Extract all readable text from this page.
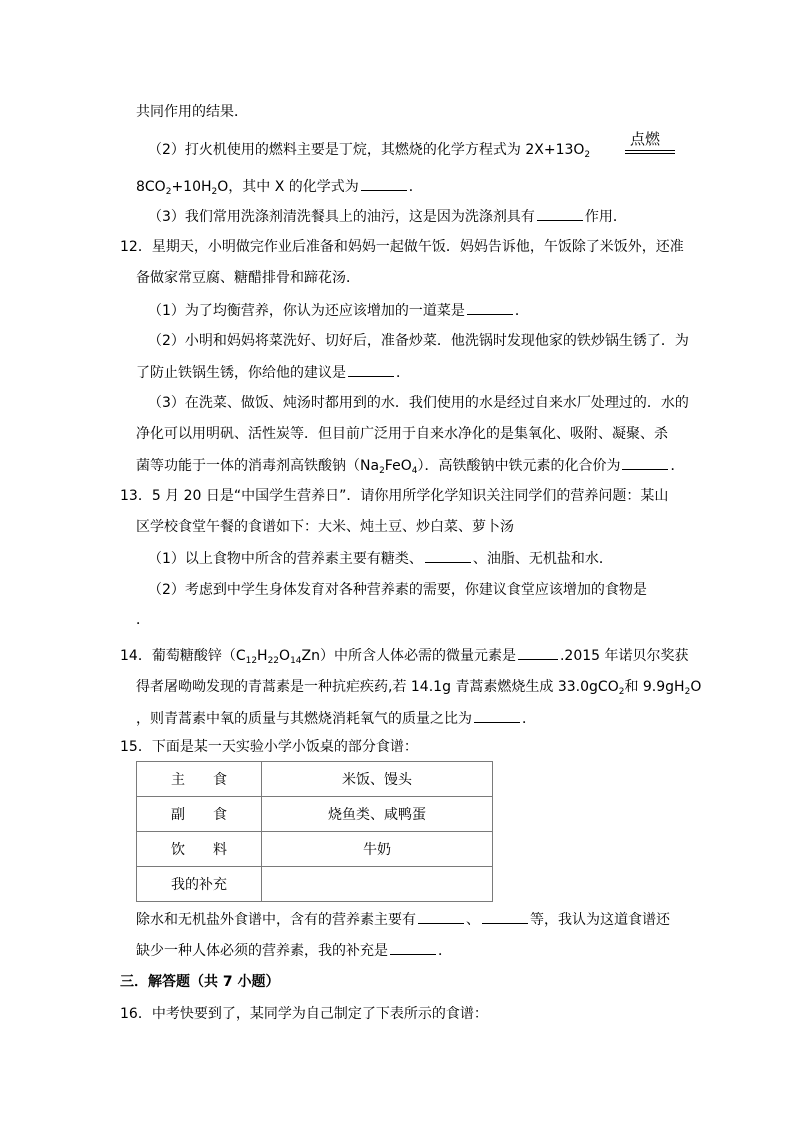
共同作用的结果．
（2）打火机使用的燃料主要是丁烷，其燃烧的化学方程式为 $2X+13O_2$
点燃
$8CO_2+10H_2O$，其中 X 的化学式为	．
（3）我们常用洗涤剂清洗餐具上的油污，这是因为洗涤剂具有	作用．
12．星期天，小明做完作业后准备和妈妈一起做午饭．妈妈告诉他，午饭除了米饭外，还准
备做家常豆腐、糖醋排骨和蹄花汤．
（1）为了均衡营养，你认为还应该增加的一道菜是	．
（2）小明和妈妈将菜洗好、切好后，准备炒菜．他洗锅时发现他家的铁炒锅生锈了．为
了防止铁锅生锈，你给他的建议是	．
（3）在洗菜、做饭、炖汤时都用到的水．我们使用的水是经过自来水厂处理过的．水的
净化可以用明矾、活性炭等．但目前广泛用于自来水净化的是集氧化、吸附、凝聚、杀
菌等功能于一体的消毒剂高铁酸钠$(Na_2FeO_4)$．高铁酸钠中铁元素的化合价为	．
13．5 月 20 日是“中国学生营养日”．请你用所学化学知识关注同学们的营养问题：某山
区学校食堂午餐的食谱如下：大米、炖土豆、炒白菜、萝卜汤
（1）以上食物中所含的营养素主要有糖类、	、油脂、无机盐和水．
（2）考虑到中学生身体发育对各种营养素的需要，你建议食堂应该增加的食物是
．
14．葡萄糖酸锌$(C_{12}H_{22}O_{14}Zn)$中所含人体必需的微量元素是	.2015 年诺贝尔奖获
得者屠呦呦发现的青蒿素是一种抗疟疾药,若 14.1g 青蒿素燃烧生成 33.0gCO$_2$和 $9.9gH_2O$
，则青蒿素中氧的质量与其燃烧消耗氧气的质量之比为	．
15．下面是某一天实验小学小饭桌的部分食谱：
主　　食	米饭、馒头
副　　食	烧鱼类、咸鸭蛋
饮　　料	牛奶
我的补充	
除水和无机盐外食谱中，含有的营养素主要有	、	等，我认为这道食谱还
缺少一种人体必须的营养素，我的补充是	．
三．解答题（共 7 小题）
16．中考快要到了，某同学为自己制定了下表所示的食谱：
